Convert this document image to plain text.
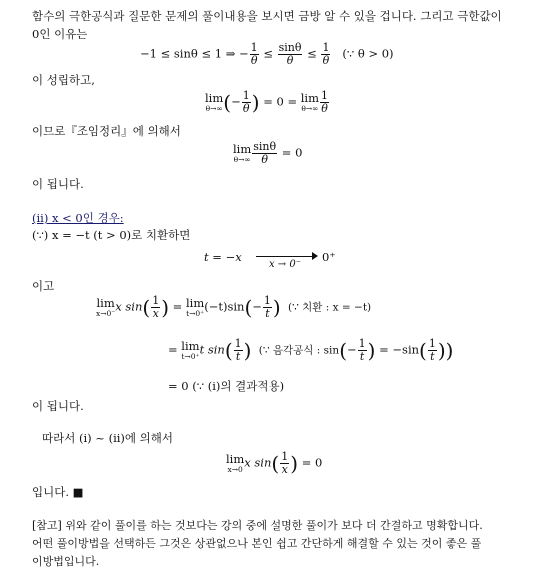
함수의 극한공식과 질문한 문제의 풀이내용을 보시면 금방 알 수 있을 겁니다. 그리고 극한값이
0인 이유는
−1 ≤ sinθ ≤ 1 ⇒ − $\frac{1}{\theta} \le \frac{\sin\theta}{\theta} \le \frac{1}{\theta}$ (∵ θ > 0)
이 성립하고,
lim
θ→∞ (− $\frac{1}{\theta}$ ) = 0 = lim
$\theta\to\infty \frac{1}{\theta}$
이므로『조임정리』에 의해서
lim
$\theta\to\infty \frac{\sin\theta}{\theta} = 0$
이 됩니다.
(ii) x < 0인 경우:
(∵) x = −t (t > 0)로 치환하면
t = −x
x → 0⁻
0⁺
이고
lim
x→0⁻ x $\sin( \frac{1}{x}$ ) = lim
t→0⁺ $(-t)\sin(- \frac{1}{t}$ ) (∵ 치환 : x = −t)
= lim
t→0⁺ t $\sin( \frac{1}{t}$ ) (∵ 음각공식 : $\sin(- \frac{1}{t}$ ) = $-\sin( \frac{1}{t}$ ))
= 0 (∵ (i)의 결과적용)
이 됩니다.
따라서 (i) ~ (ii)에 의해서
lim
x→0 x $\sin( \frac{1}{x}$ ) = 0
입니다. ■
[참고] 위와 같이 풀이를 하는 것보다는 강의 중에 설명한 풀이가 보다 더 간결하고 명확합니다.
어떤 풀이방법을 선택하든 그것은 상관없으나 본인 쉽고 간단하게 해결할 수 있는 것이 좋은 풀
이방법입니다.
